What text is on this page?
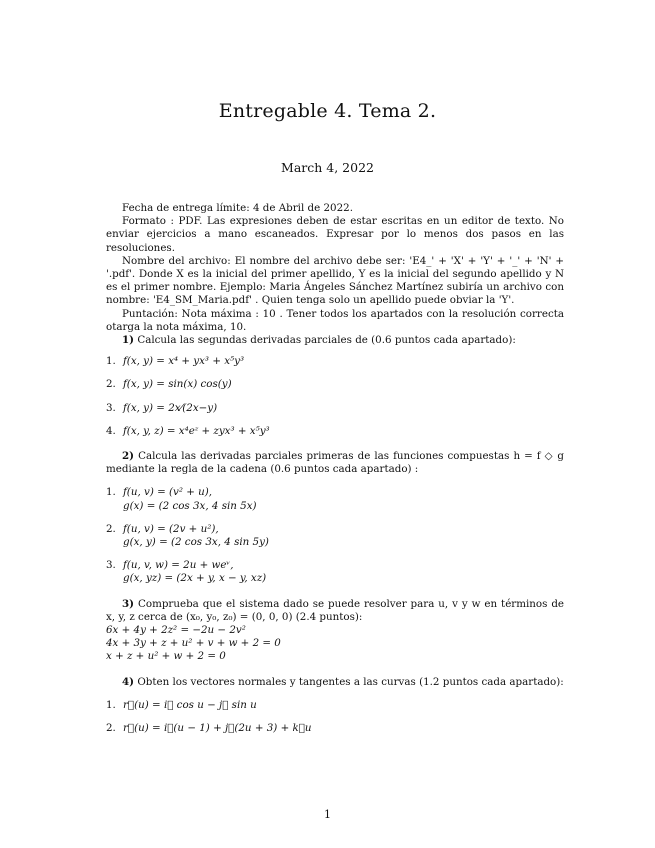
Entregable 4. Tema 2.
March 4, 2022

Fecha de entrega límite: 4 de Abril de 2022.

Formato : PDF. Las expresiones deben de estar escritas en un editor de texto. No enviar ejercicios a mano escaneados. Expresar por lo menos dos pasos en las resoluciones.

Nombre del archivo: El nombre del archivo debe ser: 'E4_' + 'X' + 'Y' + '_' + 'N' + '.pdf'. Donde X es la inicial del primer apellido, Y es la inicial del segundo apellido y N es el primer nombre. Ejemplo: Maria Ángeles Sánchez Martínez subiría un archivo con nombre: 'E4_SM_Maria.pdf' . Quien tenga solo un apellido puede obviar la 'Y'.

Puntación: Nota máxima : 10 . Tener todos los apartados con la resolución correcta otarga la nota máxima, 10.

1) Calcula las segundas derivadas parciales de (0.6 puntos cada apartado):

1. f(x, y) = x⁴ + yx³ + x⁵y³
2. f(x, y) = sin(x) cos(y)
3. f(x, y) = 2x⁄(2x−y)
4. f(x, y, z) = x⁴eᶻ + zyx³ + x⁵y³

2) Calcula las derivadas parciales primeras de las funciones compuestas h = f ◇ g mediante la regla de la cadena (0.6 puntos cada apartado) :

1. f(u, v) = (v² + u),
g(x) = (2 cos 3x, 4 sin 5x)
2. f(u, v) = (2v + u²),
g(x, y) = (2 cos 3x, 4 sin 5y)
3. f(u, v, w) = 2u + weᵛ,
g(x, yz) = (2x + y, x − y, xz)

3) Comprueba que el sistema dado se puede resolver para u, v y w en términos de x, y, z cerca de (x₀, y₀, z₀) = (0, 0, 0) (2.4 puntos):

6x + 4y + 2z² = −2u − 2v²
4x + 3y + z + u² + v + w + 2 = 0
x + z + u² + w + 2 = 0

4) Obten los vectores normales y tangentes a las curvas (1.2 puntos cada apartado):

1. r⃗(u) = i⃗ cos u − j⃗ sin u
2. r⃗(u) = i⃗(u − 1) + j⃗(2u + 3) + k⃗u
1
